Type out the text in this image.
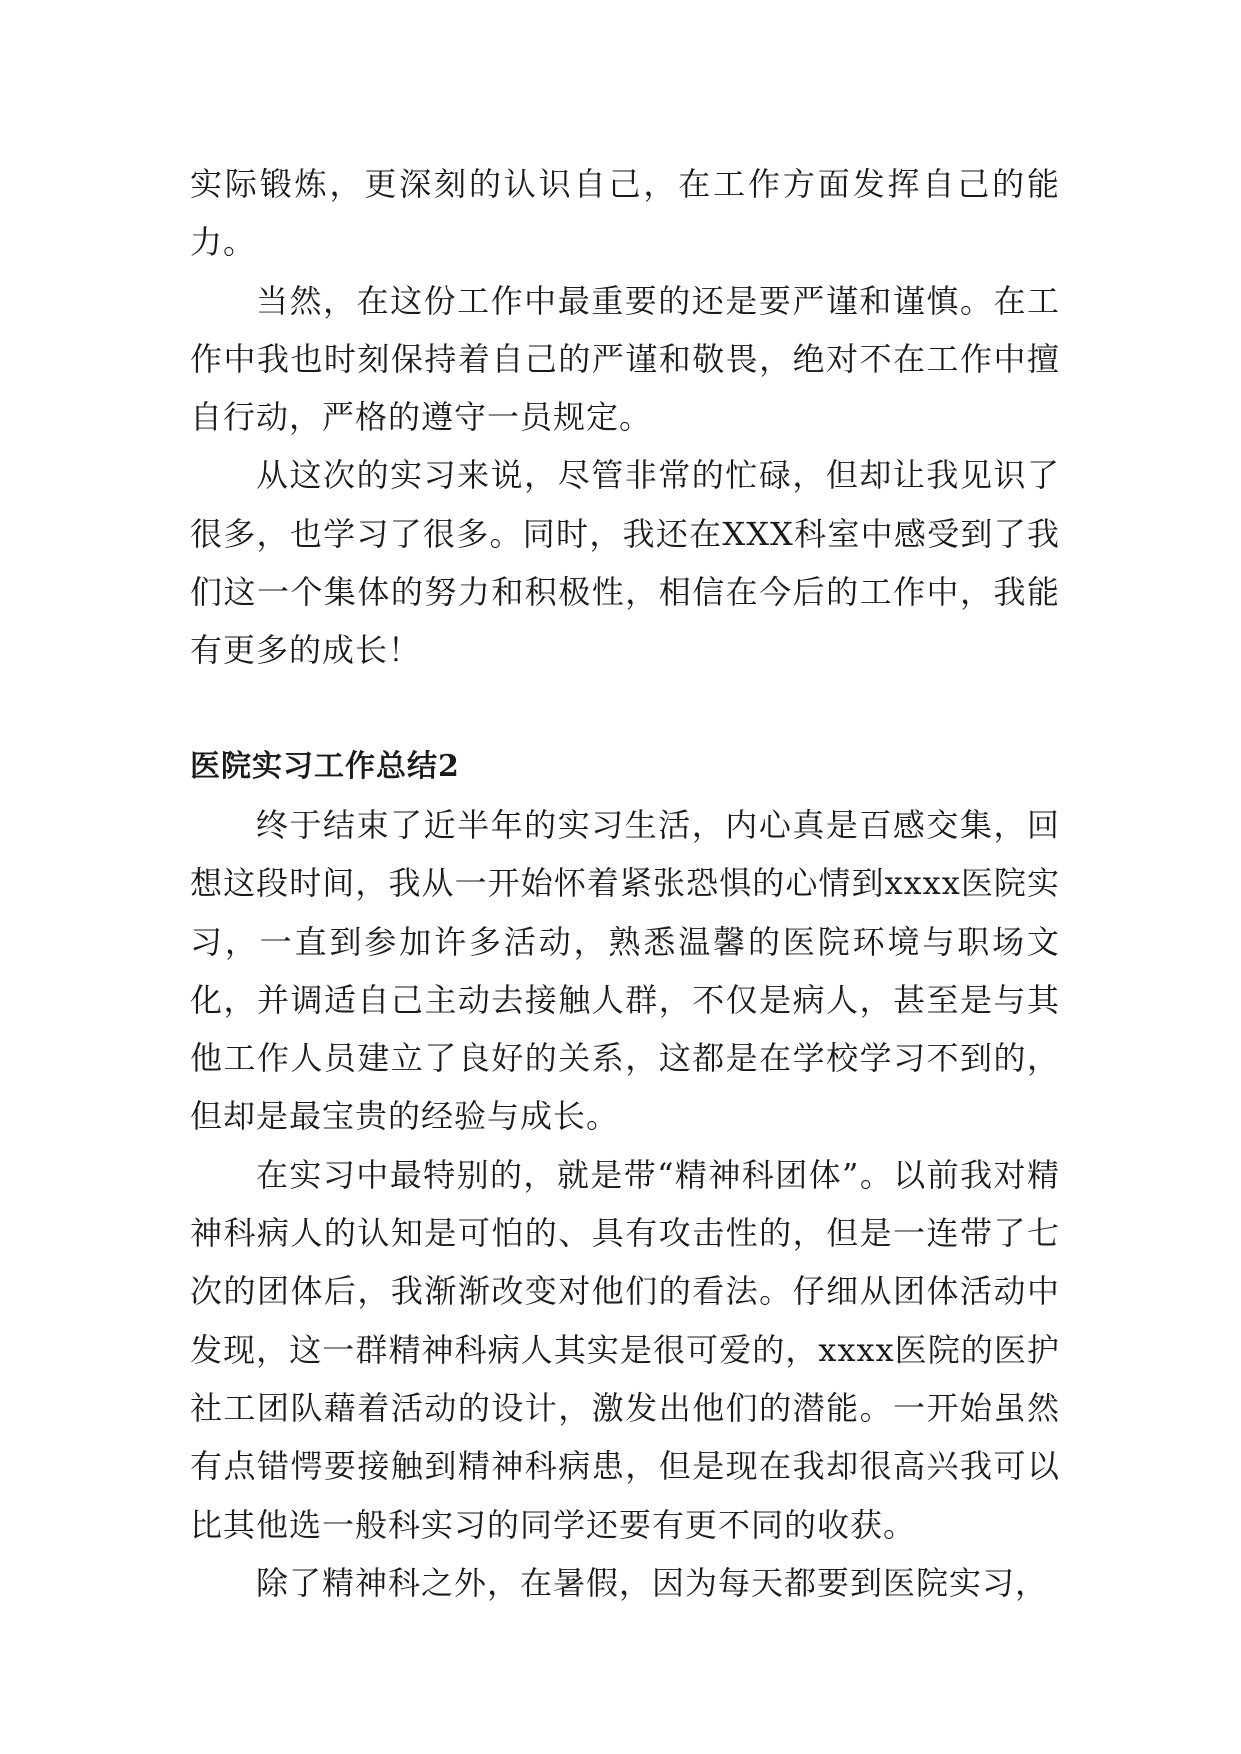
实际锻炼，更深刻的认识自己，在工作方面发挥自己的能力。

当然，在这份工作中最重要的还是要严谨和谨慎。在工作中我也时刻保持着自己的严谨和敬畏，绝对不在工作中擅自行动，严格的遵守一员规定。

从这次的实习来说，尽管非常的忙碌，但却让我见识了很多，也学习了很多。同时，我还在XXX科室中感受到了我们这一个集体的努力和积极性，相信在今后的工作中，我能有更多的成长！

医院实习工作总结2

终于结束了近半年的实习生活，内心真是百感交集，回想这段时间，我从一开始怀着紧张恐惧的心情到xxxx医院实习，一直到参加许多活动，熟悉温馨的医院环境与职场文化，并调适自己主动去接触人群，不仅是病人，甚至是与其他工作人员建立了良好的关系，这都是在学校学习不到的，但却是最宝贵的经验与成长。

在实习中最特别的，就是带“精神科团体”。以前我对精神科病人的认知是可怕的、具有攻击性的，但是一连带了七次的团体后，我渐渐改变对他们的看法。仔细从团体活动中发现，这一群精神科病人其实是很可爱的，xxxx医院的医护社工团队藉着活动的设计，激发出他们的潜能。一开始虽然有点错愕要接触到精神科病患，但是现在我却很高兴我可以比其他选一般科实习的同学还要有更不同的收获。

除了精神科之外，在暑假，因为每天都要到医院实习，
